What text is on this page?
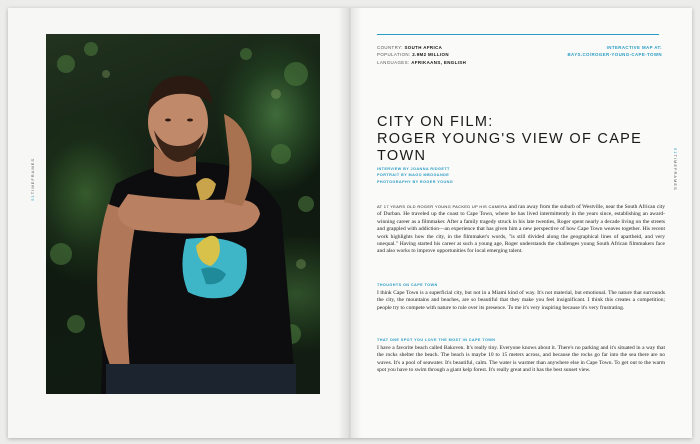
51TIMEFRAMES
COUNTRY: SOUTH AFRICA
POPULATION: 2.9M2 MILLION
LANGUAGES: AFRIKAANS, ENGLISH
INTERACTIVE MAP AT:
BAYS.CO/ROGER-YOUNG-CAPE-TOWN
CITY ON FILM:
ROGER YOUNG'S VIEW OF CAPE TOWN
INTERVIEW BY JOANNA RIDGETT
PORTRAIT BY MAGO MBOGANDE
PHOTOGRAPHY BY ROGER YOUNG

AT 17 YEARS OLD ROGER YOUNG PACKED UP HIS CAMERA and ran away from the suburb of Westville, near the South African city of Durban. He traveled up the coast to Cape Town, where he has lived intermittently in the years since, establishing an award-winning career as a filmmaker. After a family tragedy struck in his late twenties, Roger spent nearly a decade living on the streets and grappled with addiction—an experience that has given him a new perspective of how Cape Town weaves together. His recent work highlights how the city, in the filmmaker's words, "is still divided along the geographical lines of apartheid, and very unequal." Having started his career at such a young age, Roger understands the challenges young South African filmmakers face and also works to improve opportunities for local emerging talent.

THOUGHTS ON CAPE TOWN

I think Cape Town is a superficial city, but not in a Miami kind of way. It's not material, but emotional. The nature that surrounds the city, the mountains and beaches, are so beautiful that they make you feel insignificant. I think this creates a competition; people try to compete with nature to rule over its presence. To me it's very inspiring because it's very frustrating.

THAT ONE SPOT YOU LOVE THE MOST IN CAPE TOWN

I have a favorite beach called Bakoven. It's really tiny. Everyone knows about it. There's no parking and it's situated in a way that the rocks shelter the beach. The beach is maybe 10 to 15 meters across, and because the rocks go far into the sea there are no waves. It's a pool of seawater. It's beautiful, calm. The water is warmer than anywhere else in Cape Town. To get out to the warm spot you have to swim through a giant kelp forest. It's really great and it has the best sunset view.

51TIMEFRAMES
